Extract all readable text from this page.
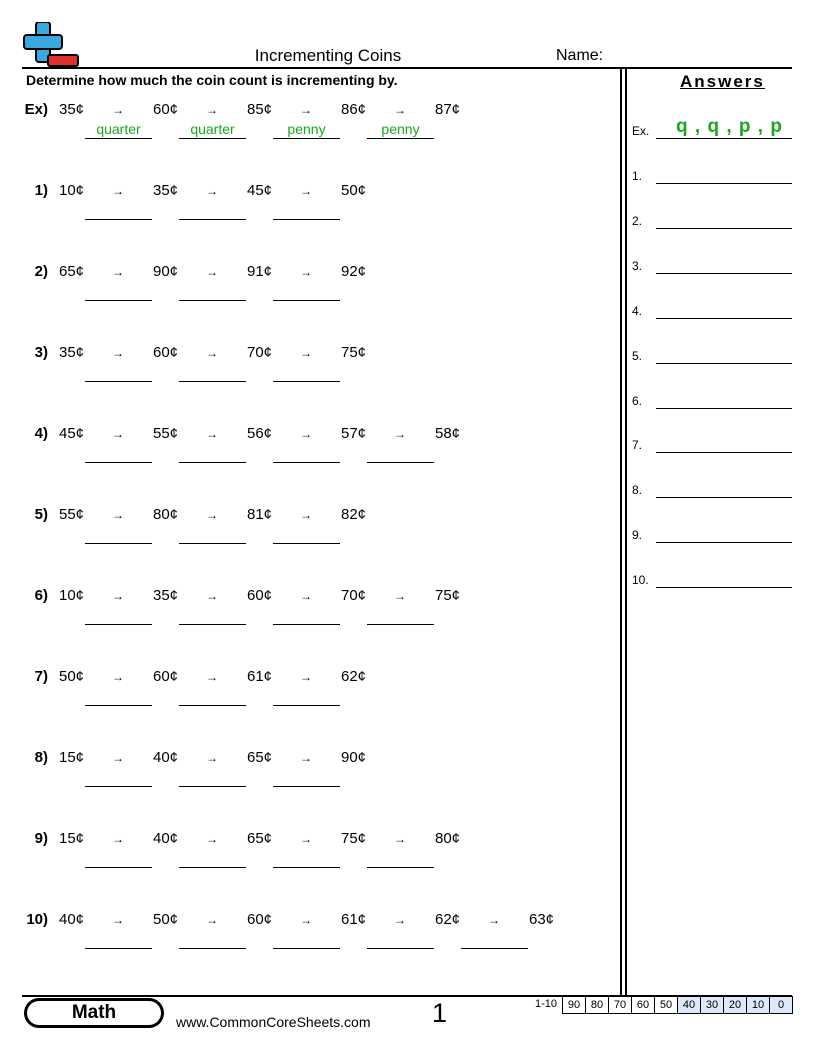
Incrementing Coins	Name:
Determine how much the coin count is incrementing by.	Answers
Ex) 35¢ →
quarter
60¢ →
quarter
85¢ →
penny
86¢ →
penny
87¢
1) 10¢ → 35¢ → 45¢ → 50¢
2) 65¢ → 90¢ → 91¢ → 92¢
3) 35¢ → 60¢ → 70¢ → 75¢
4) 45¢ → 55¢ → 56¢ → 57¢ → 58¢
5) 55¢ → 80¢ → 81¢ → 82¢
6) 10¢ → 35¢ → 60¢ → 70¢ → 75¢
7) 50¢ → 60¢ → 61¢ → 62¢
8) 15¢ → 40¢ → 65¢ → 90¢
9) 15¢ → 40¢ → 65¢ → 75¢ → 80¢
10) 40¢ → 50¢ → 60¢ → 61¢ → 62¢ → 63¢
Ex. q , q , p , p
1.
2.
3.
4.
5.
6.
7.
8.
9.
10.
Math	www.CommonCoreSheets.com 1	1-10 90 80 70 60 50 40 30 20 10	0
